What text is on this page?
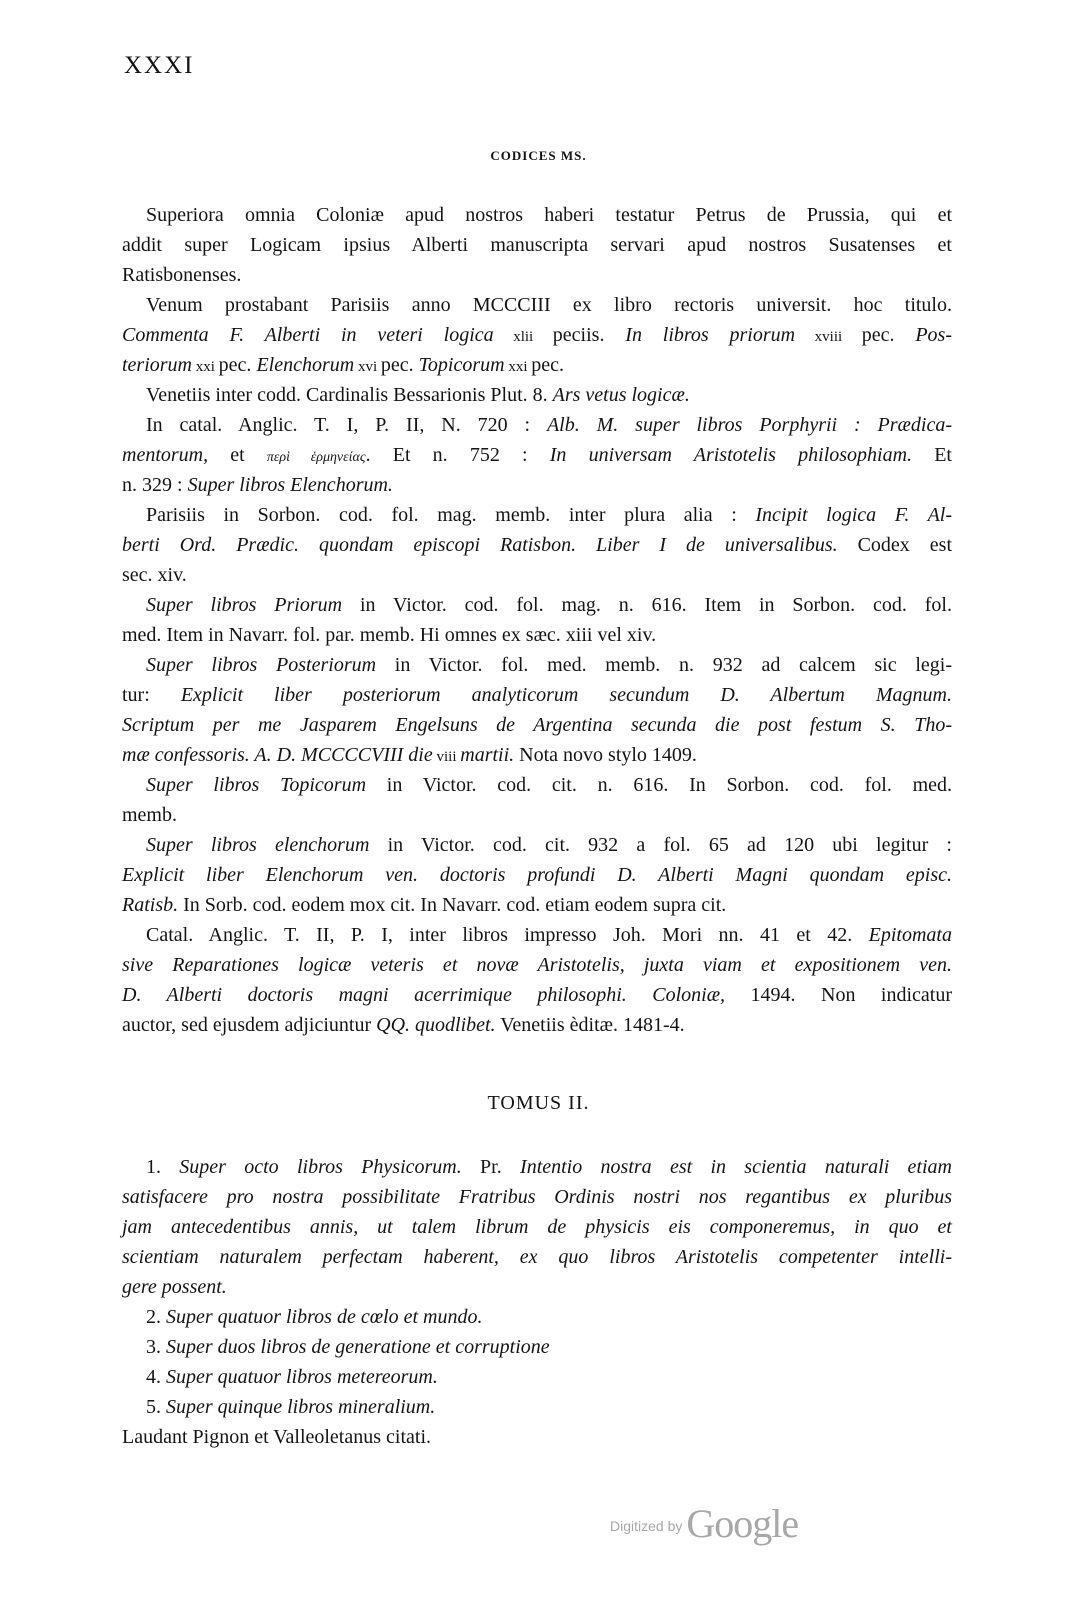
XXXI
CODICES MS.
Superiora omnia Coloniæ apud nostros haberi testatur Petrus de Prussia, qui et
addit super Logicam ipsius Alberti manuscripta servari apud nostros Susatenses et
Ratisbonenses.
Venum prostabant Parisiis anno MCCCIII ex libro rectoris universit. hoc titulo.
Commenta F. Alberti in veteri logica xlii peciis. In libros priorum xviii pec. Pos-
teriorum xxi pec. Elenchorum xvi pec. Topicorum xxi pec.
Venetiis inter codd. Cardinalis Bessarionis Plut. 8. Ars vetus logicæ.
In catal. Anglic. T. I, P. II, N. 720 : Alb. M. super libros Porphyrii : Prædica-
mentorum, et περὶ ἑρμηνείας. Et n. 752 : In universam Aristotelis philosophiam. Et
n. 329 : Super libros Elenchorum.
Parisiis in Sorbon. cod. fol. mag. memb. inter plura alia : Incipit logica F. Al-
berti Ord. Prædic. quondam episcopi Ratisbon. Liber I de universalibus. Codex est
sec. xiv.
Super libros Priorum in Victor. cod. fol. mag. n. 616. Item in Sorbon. cod. fol.
med. Item in Navarr. fol. par. memb. Hi omnes ex sæc. xiii vel xiv.
Super libros Posteriorum in Victor. fol. med. memb. n. 932 ad calcem sic legi-
tur: Explicit liber posteriorum analyticorum secundum D. Albertum Magnum.
Scriptum per me Jasparem Engelsuns de Argentina secunda die post festum S. Tho-
mæ confessoris. A. D. MCCCCVIII die viii martii. Nota novo stylo 1409.
Super libros Topicorum in Victor. cod. cit. n. 616. In Sorbon. cod. fol. med.
memb.
Super libros elenchorum in Victor. cod. cit. 932 a fol. 65 ad 120 ubi legitur :
Explicit liber Elenchorum ven. doctoris profundi D. Alberti Magni quondam episc.
Ratisb. In Sorb. cod. eodem mox cit. In Navarr. cod. etiam eodem supra cit.
Catal. Anglic. T. II, P. I, inter libros impresso Joh. Mori nn. 41 et 42. Epitomata
sive Reparationes logicæ veteris et novæ Aristotelis, juxta viam et expositionem ven.
D. Alberti doctoris magni acerrimique philosophi. Coloniæ, 1494. Non indicatur
auctor, sed ejusdem adjiciuntur QQ. quodlibet. Venetiis èditæ. 1481-4.
TOMUS II.
1. Super octo libros Physicorum. Pr. Intentio nostra est in scientia naturali etiam
satisfacere pro nostra possibilitate Fratribus Ordinis nostri nos regantibus ex pluribus
jam antecedentibus annis, ut talem librum de physicis eis componeremus, in quo et
scientiam naturalem perfectam haberent, ex quo libros Aristotelis competenter intelli-
gere possent.
2. Super quatuor libros de cœlo et mundo.
3. Super duos libros de generatione et corruptione
4. Super quatuor libros metereorum.
5. Super quinque libros mineralium.
Laudant Pignon et Valleoletanus citati.
Digitized by Google
